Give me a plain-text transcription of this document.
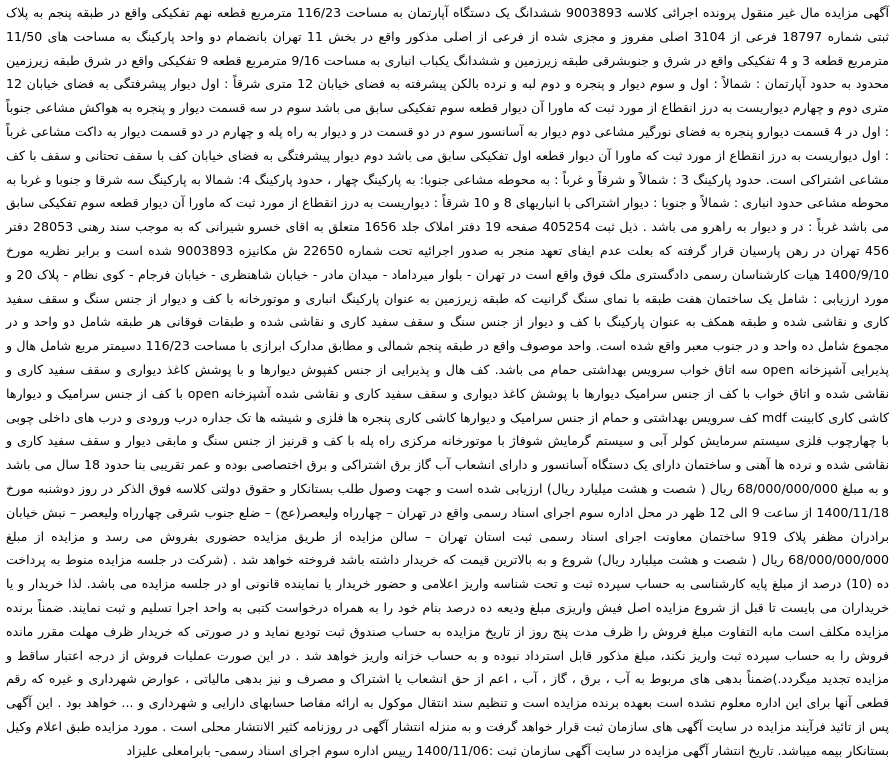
آگهی مزایده مال غیر منقول پرونده اجرائی کلاسه 9003893 ششدانگ یک دستگاه آپارتمان به مساحت 116/23 مترمربع قطعه نهم تفکیکی واقع در طبقه پنجم به پلاک ثبتی شماره 18797 فرعی از 3104 اصلی مفروز و مجزی شده از فرعی از اصلی مذکور واقع در بخش 11 تهران بانضمام دو واحد پارکینگ به مساحت های 11/50 مترمربع قطعه 3 و 4 تفکیکی واقع در شرق و جنوبشرقی طبقه زیرزمین و ششدانگ یکباب انباری به مساحت 9/16 مترمربع قطعه 9 تفکیکی واقع در شرق طبقه زیرزمین محدود به حدود آپارتمان : شمالاً : اول و سوم دیوار و پنجره و دوم لبه و نرده بالکن پیشرفته به فضای خیابان 12 متری شرقاً : اول دیوار پیشرفتگی به فضای خیابان 12 متری دوم و چهارم دیواریست به درز انقطاع از مورد ثبت که ماورا آن دیوار قطعه سوم تفکیکی سابق می باشد سوم در سه قسمت دیوار و پنجره به هواکش مشاعی جنوباً : اول در 4 قسمت دیوارو پنجره به فضای نورگیر مشاعی دوم دیوار به آسانسور سوم در دو قسمت در و دیوار به راه پله و چهارم در دو قسمت دیوار به داکت مشاعی غرباً : اول دیواریست به درز انقطاع از مورد ثبت که ماورا آن دیوار قطعه اول تفکیکی سابق می باشد دوم دیوار پیشرفتگی به فضای خیابان کف با سقف تحتانی و سقف با کف مشاعی اشتراکی است. حدود پارکینگ 3 : شمالاً و شرقاً و غرباً : به محوطه مشاعی جنوبا: به پارکینگ چهار ، حدود پارکینگ 4: شمالا به پارکینگ سه شرقا و جنوبا و غربا به محوطه مشاعی حدود انباری : شمالاً و جنوبا : دیوار اشتراکی با انباریهای 8 و 10 شرقاً : دیواریست به درز انقطاع از مورد ثبت که ماورا آن دیوار قطعه سوم تفکیکی سابق می باشد غرباً : در و دیوار به راهرو می باشد . ذیل ثبت 405254 صفحه 19 دفتر املاک جلد 1656 متعلق به اقای خسرو شیرانی که به موجب سند رهنی 28053 دفتر 456 تهران در رهن پارسیان قرار گرفته که بعلت عدم ایفای تعهد منجر به صدور اجرائیه تحت شماره 22650 ش مکانیزه 9003893 شده است و برابر نظریه مورخ 1400/9/10 هیات کارشناسان رسمی دادگستری ملک فوق واقع است در تهران - بلوار میرداماد - میدان مادر - خیابان شاهنظری - خیابان فرجام - کوی نظام - پلاک 20 و مورد ارزیابی : شامل یک ساختمان هفت طبقه با نمای سنگ گرانیت که طبقه زیرزمین به عنوان پارکینگ انباری و موتورخانه با کف و دیوار از جنس سنگ و سقف سفید کاری و نقاشی شده و طبقه همکف به عنوان پارکینگ با کف و دیوار از جنس سنگ و سقف سفید کاری و نقاشی شده و طبقات فوقانی هر طبقه شامل دو واحد و در مجموع شامل ده واحد و در جنوب معبر واقع شده است. واحد موصوف واقع در طبقه پنجم شمالی و مطابق مدارک ابرازی با مساحت 116/23 دسیمتر مربع شامل هال و پذیرایی آشپزخانه open سه اتاق خواب سرویس بهداشتی حمام می باشد. کف هال و پذیرایی از جنس کفپوش دیوارها و با پوشش کاغذ دیواری و سقف سفید کاری و نقاشی شده و اتاق خواب با کف از جنس سرامیک دیوارها با پوشش کاغذ دیواری و سقف سفید کاری و نقاشی شده آشپزخانه open با کف از جنس سرامیک و دیوارها کاشی کاری کابینت mdf کف سرویس بهداشتی و حمام از جنس سرامیک و دیوارها کاشی کاری پنجره ها فلزی و شیشه ها تک جداره درب ورودی و درب های داخلی چوبی با چهارچوب فلزی سیستم سرمایش کولر آبی و سیستم گرمایش شوفاژ با موتورخانه مرکزی راه پله با کف و قرنیز از جنس سنگ و مابقی دیوار و سقف سفید کاری و نقاشی شده و نرده ها آهنی و ساختمان دارای یک دستگاه آسانسور و دارای انشعاب آب گاز برق اشتراکی و برق اختصاصی بوده و عمر تقریبی بنا حدود 18 سال می باشد و به مبلغ 68/000/000/000 ریال ( شصت و هشت میلیارد ریال) ارزیابی شده است و جهت وصول طلب بستانکار و حقوق دولتی کلاسه فوق الذکر در روز دوشنبه مورخ 1400/11/18 از ساعت 9 الی 12 ظهر در محل اداره سوم اجرای اسناد رسمی واقع در تهران – چهارراه ولیعصر(عج) – ضلع جنوب شرقی چهارراه ولیعصر – نبش خیابان برادران مظفر پلاک 919 ساختمان معاونت اجرای اسناد رسمی ثبت استان تهران – سالن مزایده از طریق مزایده حضوری بفروش می رسد و مزایده از مبلغ 68/000/000/000 ریال ( شصت و هشت میلیارد ریال) شروع و به بالاترین قیمت که خریدار داشته باشد فروخته خواهد شد . (شرکت در جلسه مزایده منوط به پرداخت ده (10) درصد از مبلغ پایه کارشناسی به حساب سپرده ثبت و تحت شناسه واریز اعلامی و حضور خریدار یا نماینده قانونی او در جلسه مزایده می باشد. لذا خریدار و یا خریداران می بایست تا قبل از شروع مزایده اصل فیش واریزی مبلغ ودیعه ده درصد بنام خود را به همراه درخواست کتبی به واحد اجرا تسلیم و ثبت نمایند. ضمناً برنده مزایده مکلف است مابه التفاوت مبلغ فروش را ظرف مدت پنج روز از تاریخ مزایده به حساب صندوق ثبت تودیع نماید و در صورتی که خریدار ظرف مهلت مقرر مانده فروش را به حساب سپرده ثبت واریز نکند، مبلغ مذکور قابل استرداد نبوده و به حساب خزانه واریز خواهد شد . در این صورت عملیات فروش از درجه اعتبار ساقط و مزایده تجدید میگردد.)ضمناً بدهی های مربوط به آب ، برق ، گاز ، آب ، اعم از حق انشعاب یا اشتراک و مصرف و نیز بدهی مالیاتی ، عوارض شهرداری و غیره که رقم قطعی آنها برای این اداره معلوم نشده است بعهده برنده مزایده است و تنظیم سند انتقال موکول به ارائه مفاصا حسابهای دارایی و شهرداری و ... خواهد بود . این آگهی پس از تائید فرآیند مزایده در سایت آگهی های سازمان ثبت قرار خواهد گرفت و به منزله انتشار آگهی در روزنامه کثیر الانتشار محلی است . مورد مزایده طبق اعلام وکیل بستانکار بیمه میباشد. تاریخ انتشار آگهی مزایده در سایت آگهی سازمان ثبت :1400/11/06 رییس اداره سوم اجرای اسناد رسمی- بابرامعلی علیزاد
